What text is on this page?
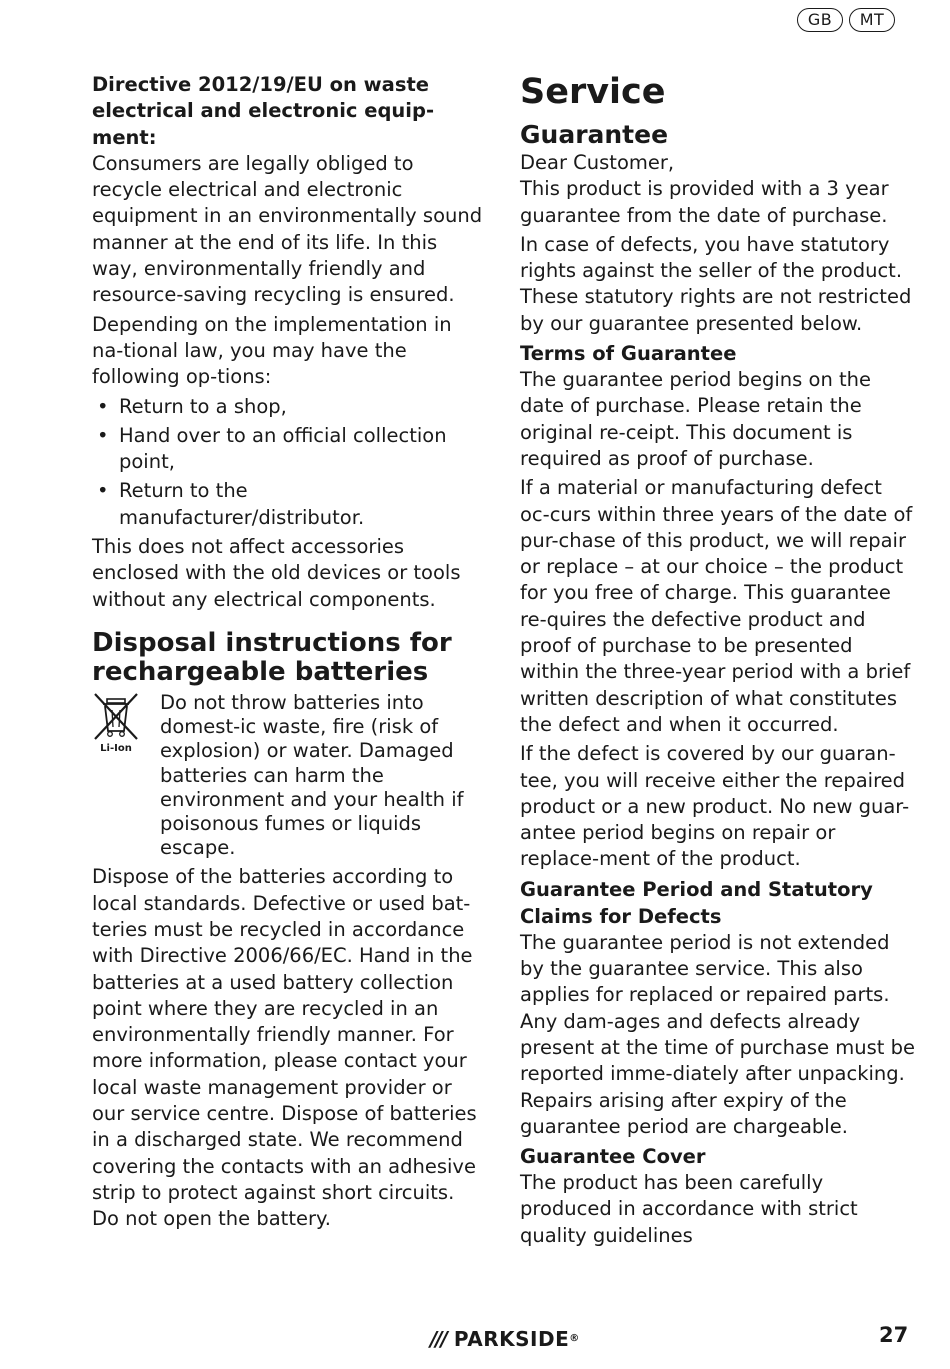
GB	MT
Directive 2012/19/EU on waste electrical and electronic equip-ment:

Consumers are legally obliged to recycle electrical and electronic equipment in an environmentally sound manner at the end of its life. In this way, environmentally friendly and resource-saving recycling is ensured.

Depending on the implementation in na-tional law, you may have the following op-tions:

• Return to a shop,
• Hand over to an official collection point,
• Return to the manufacturer/distributor.

This does not affect accessories enclosed with the old devices or tools without any electrical components.

Disposal instructions for rechargeable batteries
Li-Ion
Do not throw batteries into domest-ic waste, fire (risk of explosion) or water. Damaged batteries can harm the environment and your health if poisonous fumes or liquids escape.

Dispose of the batteries according to local standards. Defective or used bat-teries must be recycled in accordance with Directive 2006/66/EC. Hand in the batteries at a used battery collection point where they are recycled in an environmentally friendly manner. For more information, please contact your local waste management provider or our service centre. Dispose of batteries in a discharged state. We recommend covering the contacts with an adhesive strip to protect against short circuits. Do not open the battery.

Service
Guarantee

Dear Customer,

This product is provided with a 3 year guarantee from the date of purchase.

In case of defects, you have statutory rights against the seller of the product. These statutory rights are not restricted by our guarantee presented below.

Terms of Guarantee

The guarantee period begins on the date of purchase. Please retain the original re-ceipt. This document is required as proof of purchase.

If a material or manufacturing defect oc-curs within three years of the date of pur-chase of this product, we will repair or replace – at our choice – the product for you free of charge. This guarantee re-quires the defective product and proof of purchase to be presented within the three-year period with a brief written description of what constitutes the defect and when it occurred.

If the defect is covered by our guaran-tee, you will receive either the repaired product or a new product. No new guar-antee period begins on repair or replace-ment of the product.

Guarantee Period and Statutory Claims for Defects

The guarantee period is not extended by the guarantee service. This also applies for replaced or repaired parts. Any dam-ages and defects already present at the time of purchase must be reported imme-diately after unpacking. Repairs arising after expiry of the guarantee period are chargeable.

Guarantee Cover

The product has been carefully produced in accordance with strict quality guidelines

/// PARKSIDE ®	27
